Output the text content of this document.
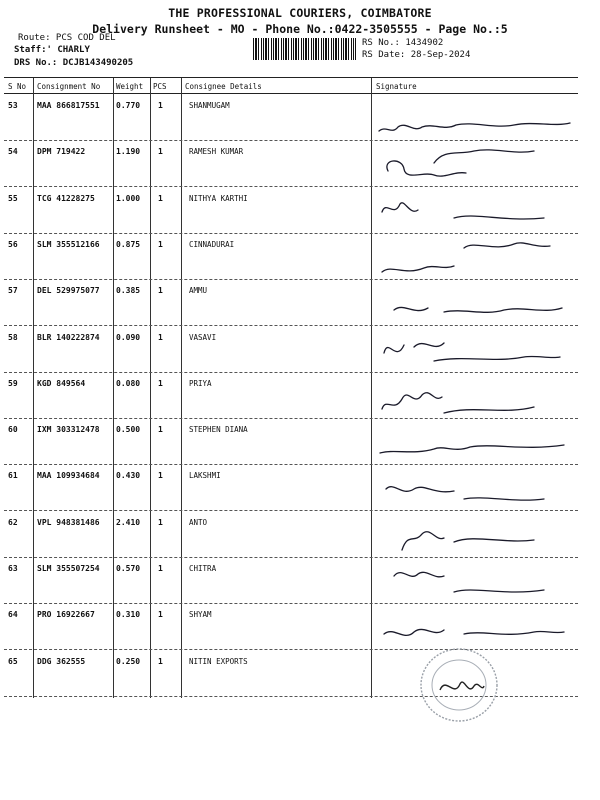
THE PROFESSIONAL COURIERS, COIMBATORE
Delivery Runsheet - MO - Phone No.:0422-3505555 - Page No.:5
Route: PCS COD DEL
Staff:' CHARLY
DRS No.: DCJB143490205
RS No.: 1434902
RS Date: 28-Sep-2024
S No Consignment No Weight PCS Consignee Details	Signature
53 MAA 866817551 0.770 1	SHANMUGAM
54 DPM 719422	1.190 1	RAMESH KUMAR
55 TCG 41228275	1.000 1	NITHYA KARTHI
56 SLM 355512166 0.875 1	CINNADURAI
57 DEL 529975077 0.385 1	AMMU
58 BLR 140222874 0.090 1	VASAVI
59 KGD 849564	0.080 1	PRIYA
60 IXM 303312478 0.500 1	STEPHEN DIANA
61 MAA 109934684 0.430 1	LAKSHMI
62 VPL 948381486 2.410 1	ANTO
63 SLM 355507254 0.570 1	CHITRA
64 PRO 16922667	0.310 1	SHYAM
65 DDG 362555	0.250 1	NITIN EXPORTS
